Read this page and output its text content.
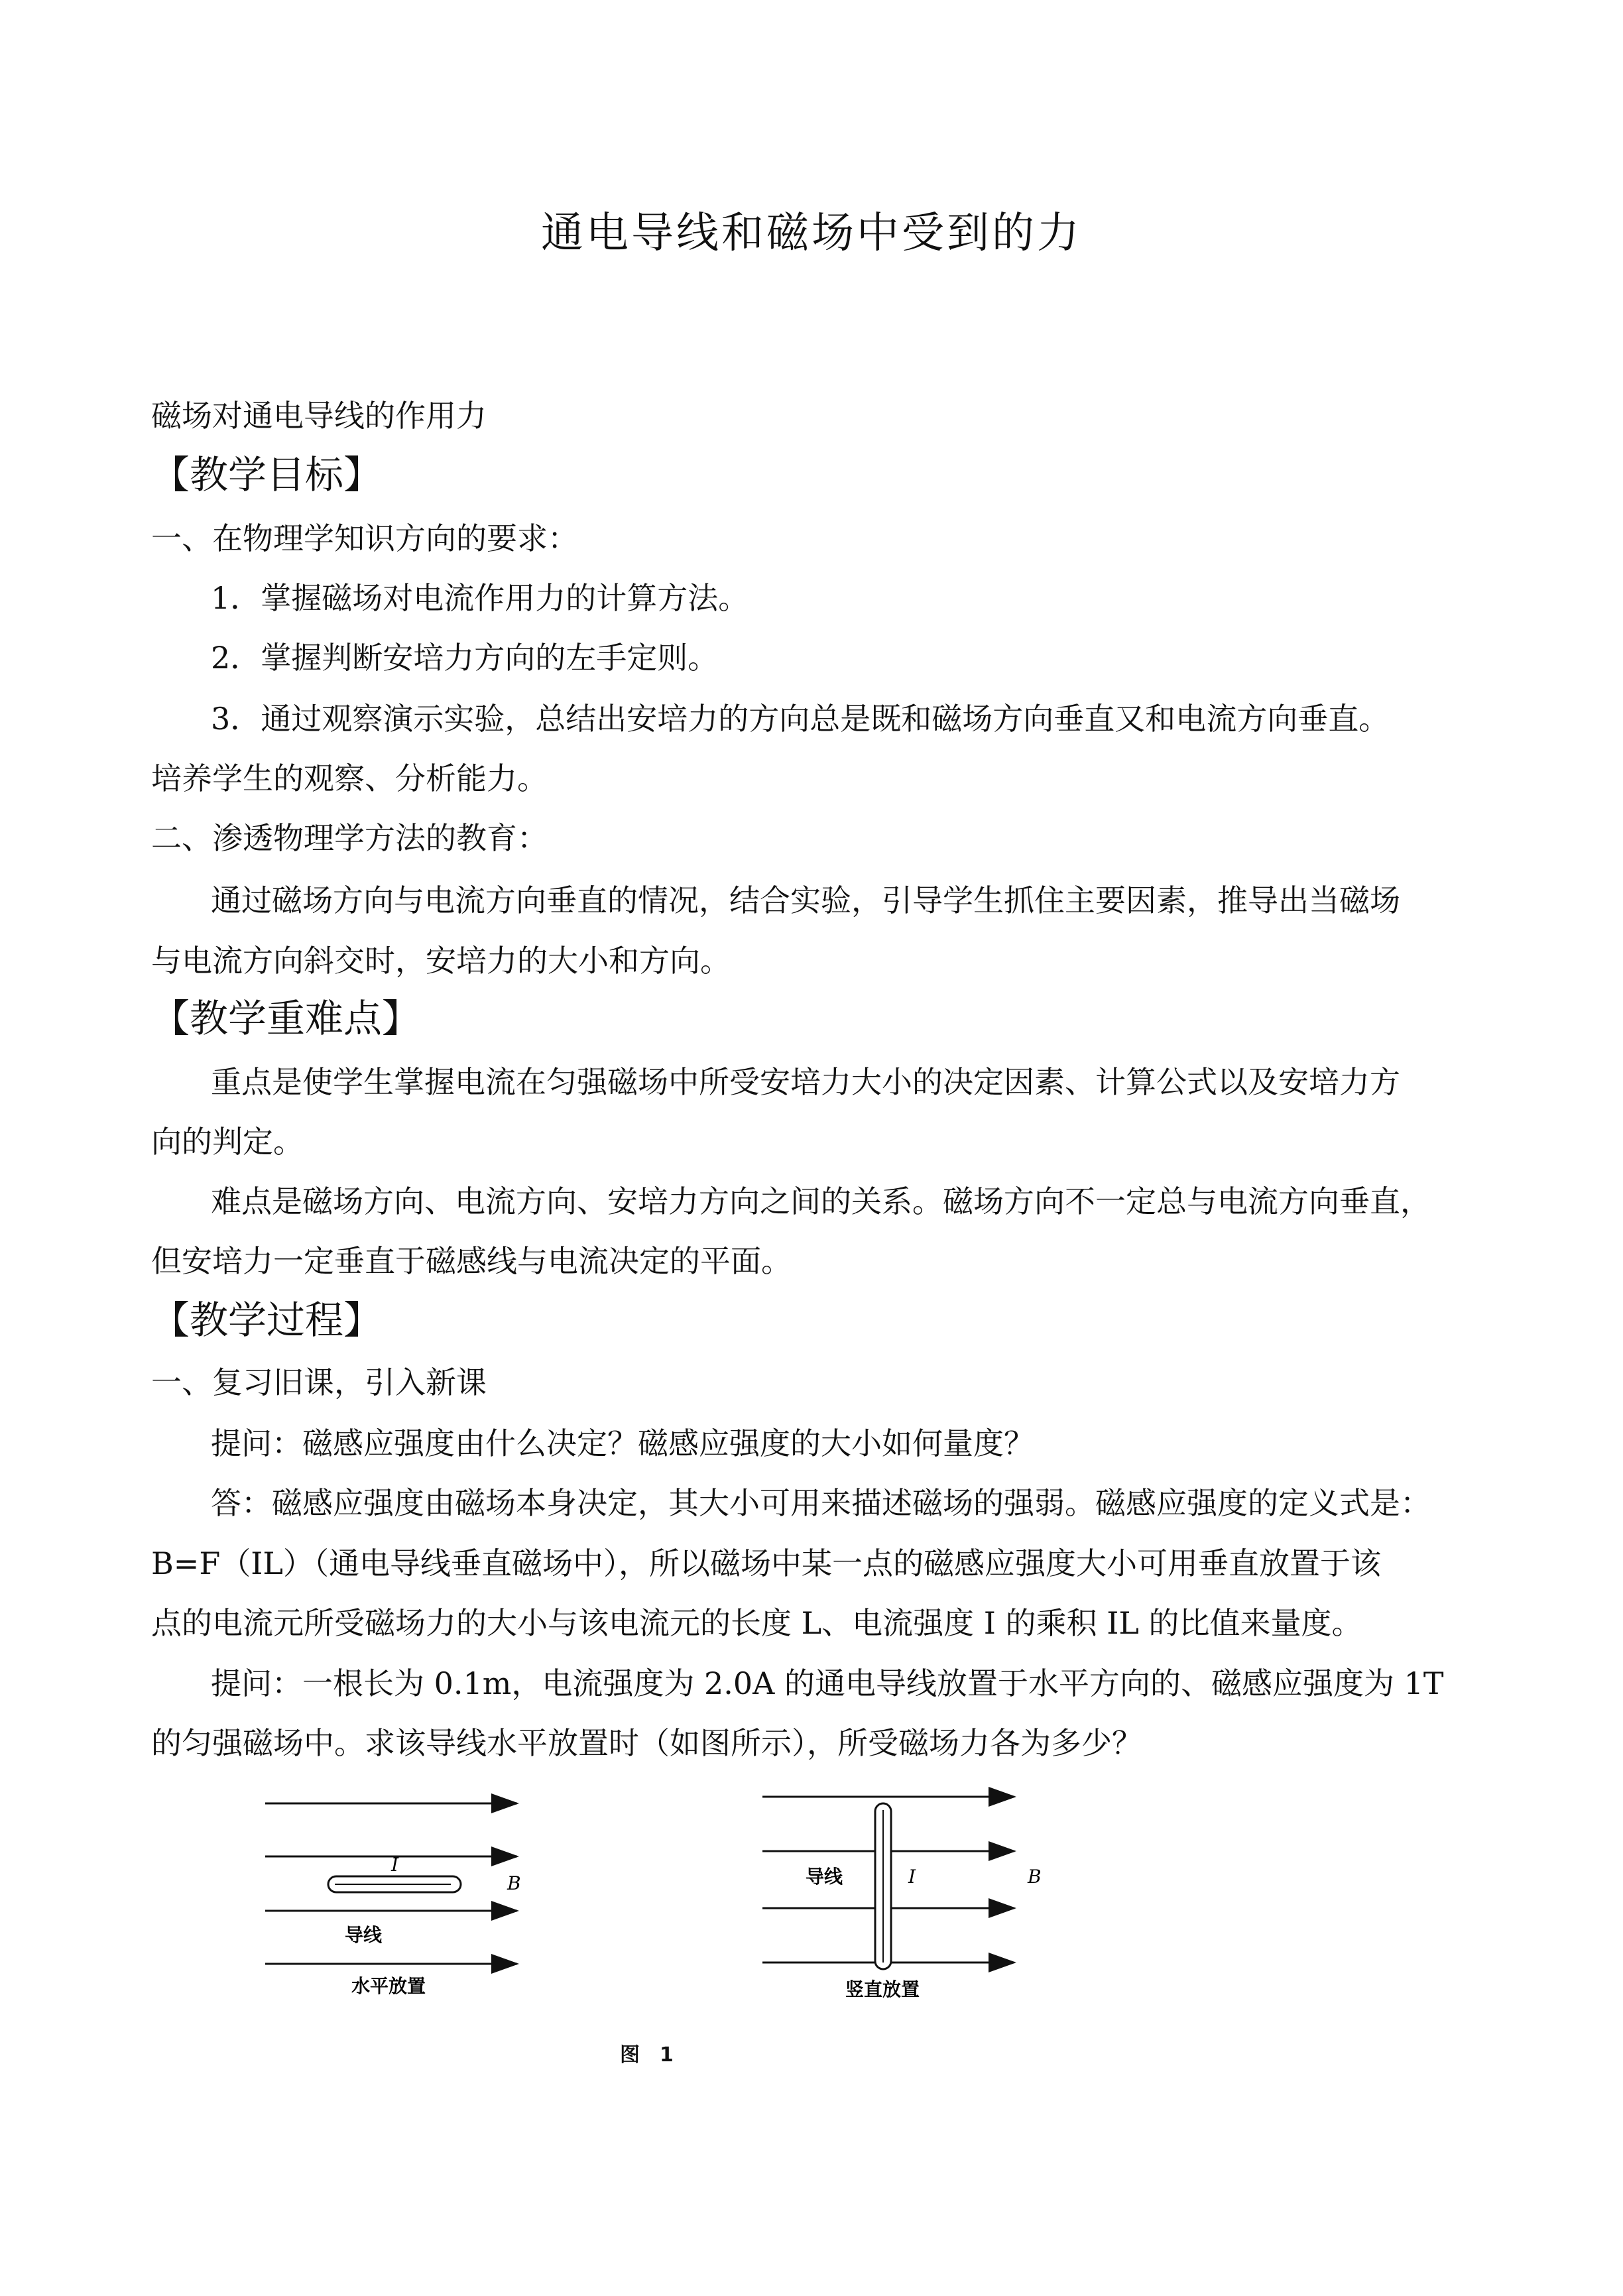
通电导线和磁场中受到的力
磁场对通电导线的作用力
【教学目标】
一、在物理学知识方向的要求：
1．掌握磁场对电流作用力的计算方法。
2．掌握判断安培力方向的左手定则。
3．通过观察演示实验，总结出安培力的方向总是既和磁场方向垂直又和电流方向垂直。
培养学生的观察、分析能力。
二、渗透物理学方法的教育：
通过磁场方向与电流方向垂直的情况，结合实验，引导学生抓住主要因素，推导出当磁场
与电流方向斜交时，安培力的大小和方向。
【教学重难点】
重点是使学生掌握电流在匀强磁场中所受安培力大小的决定因素、计算公式以及安培力方
向的判定。
难点是磁场方向、电流方向、安培力方向之间的关系。磁场方向不一定总与电流方向垂直，
但安培力一定垂直于磁感线与电流决定的平面。
【教学过程】
一、复习旧课，引入新课
提问：磁感应强度由什么决定？磁感应强度的大小如何量度？
答：磁感应强度由磁场本身决定，其大小可用来描述磁场的强弱。磁感应强度的定义式是：
B=F（IL）（通电导线垂直磁场中），所以磁场中某一点的磁感应强度大小可用垂直放置于该
点的电流元所受磁场力的大小与该电流元的长度 L、电流强度 I 的乘积 IL 的比值来量度。
提问：一根长为 0.1m，电流强度为 2.0A 的通电导线放置于水平方向的、磁感应强度为 1T
的匀强磁场中。求该导线水平放置时（如图所示），所受磁场力各为多少？
I
B
导线
水平放置
I	B
导线
竖直放置
图　1
